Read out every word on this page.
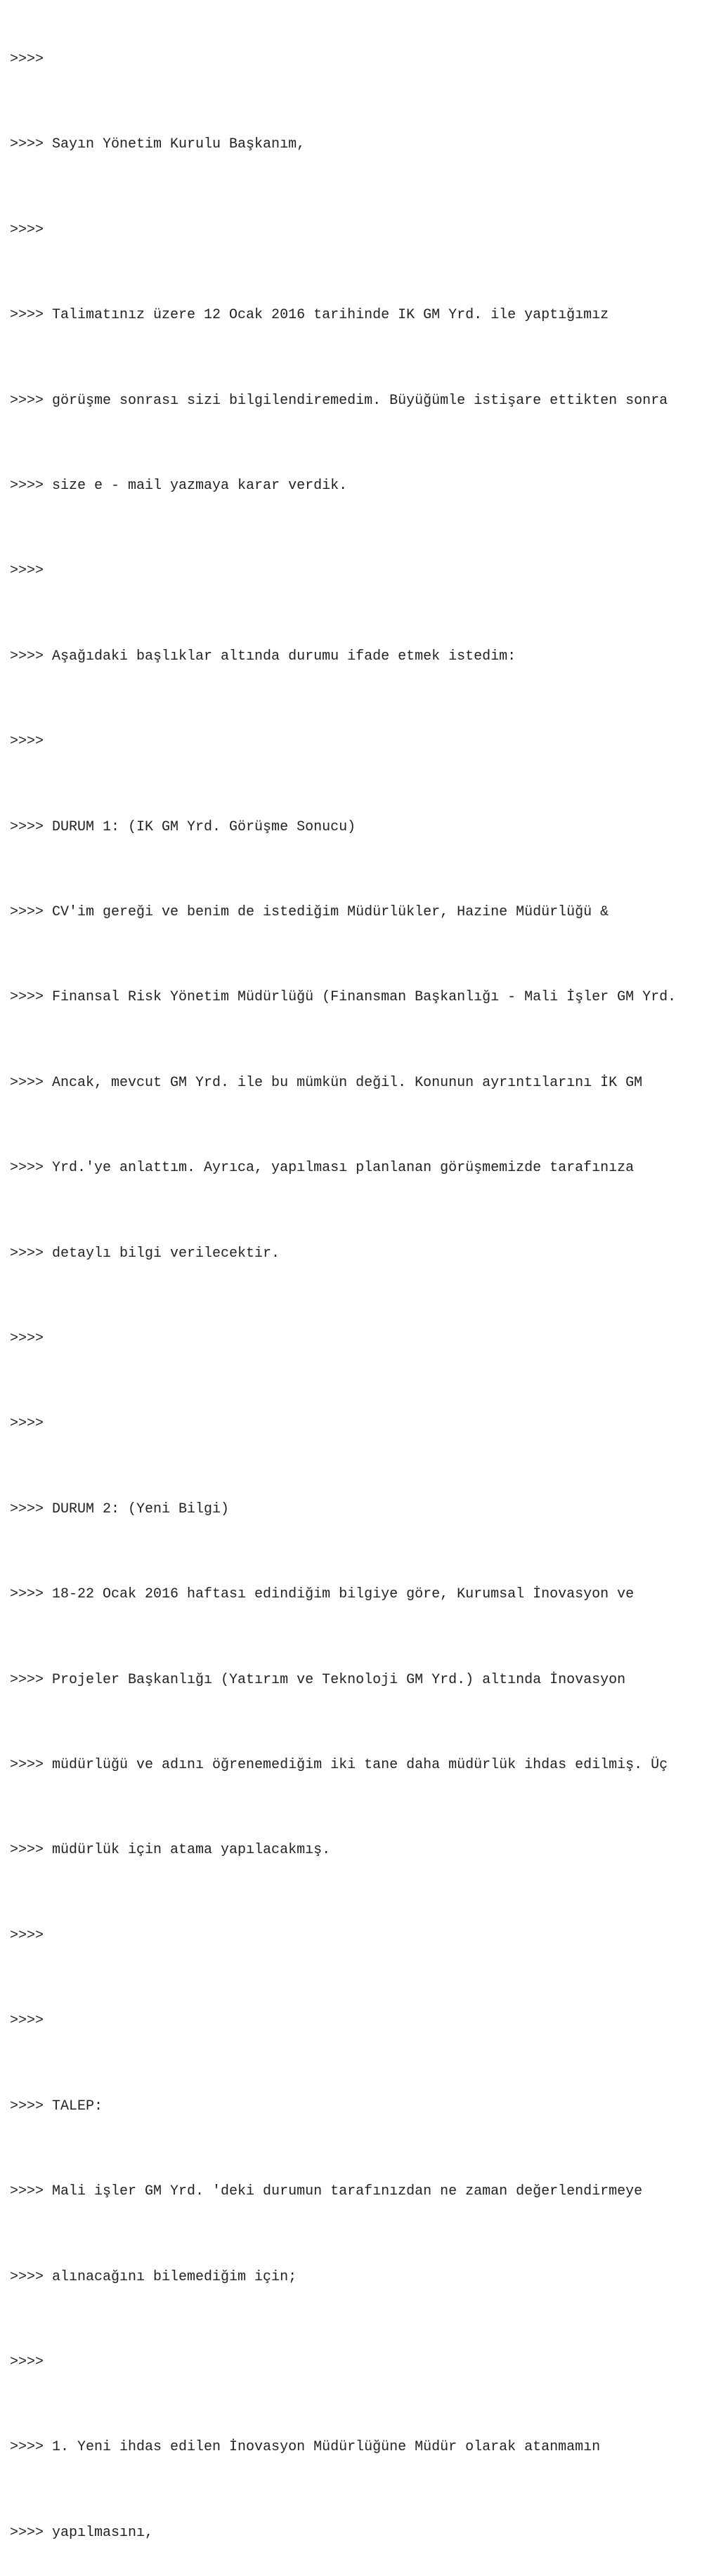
>>>>

>>>> Sayın Yönetim Kurulu Başkanım,

>>>>

>>>> Talimatınız üzere 12 Ocak 2016 tarihinde IK GM Yrd. ile yaptığımız

>>>> görüşme sonrası sizi bilgilendiremedim. Büyüğümle istişare ettikten sonra

>>>> size e - mail yazmaya karar verdik.

>>>>

>>>> Aşağıdaki başlıklar altında durumu ifade etmek istedim:

>>>>

>>>> DURUM 1: (IK GM Yrd. Görüşme Sonucu)

>>>> CV'im gereği ve benim de istediğim Müdürlükler, Hazine Müdürlüğü &

>>>> Finansal Risk Yönetim Müdürlüğü (Finansman Başkanlığı - Mali İşler GM Yrd.

>>>> Ancak, mevcut GM Yrd. ile bu mümkün değil. Konunun ayrıntılarını İK GM

>>>> Yrd.'ye anlattım. Ayrıca, yapılması planlanan görüşmemizde tarafınıza

>>>> detaylı bilgi verilecektir.

>>>>

>>>>

>>>> DURUM 2: (Yeni Bilgi)

>>>> 18-22 Ocak 2016 haftası edindiğim bilgiye göre, Kurumsal İnovasyon ve

>>>> Projeler Başkanlığı (Yatırım ve Teknoloji GM Yrd.) altında İnovasyon

>>>> müdürlüğü ve adını öğrenemediğim iki tane daha müdürlük ihdas edilmiş. Üç

>>>> müdürlük için atama yapılacakmış.

>>>>

>>>>

>>>> TALEP:

>>>> Mali işler GM Yrd. 'deki durumun tarafınızdan ne zaman değerlendirmeye

>>>> alınacağını bilemediğim için;

>>>>

>>>> 1. Yeni ihdas edilen İnovasyon Müdürlüğüne Müdür olarak atanmamın

>>>> yapılmasını,
